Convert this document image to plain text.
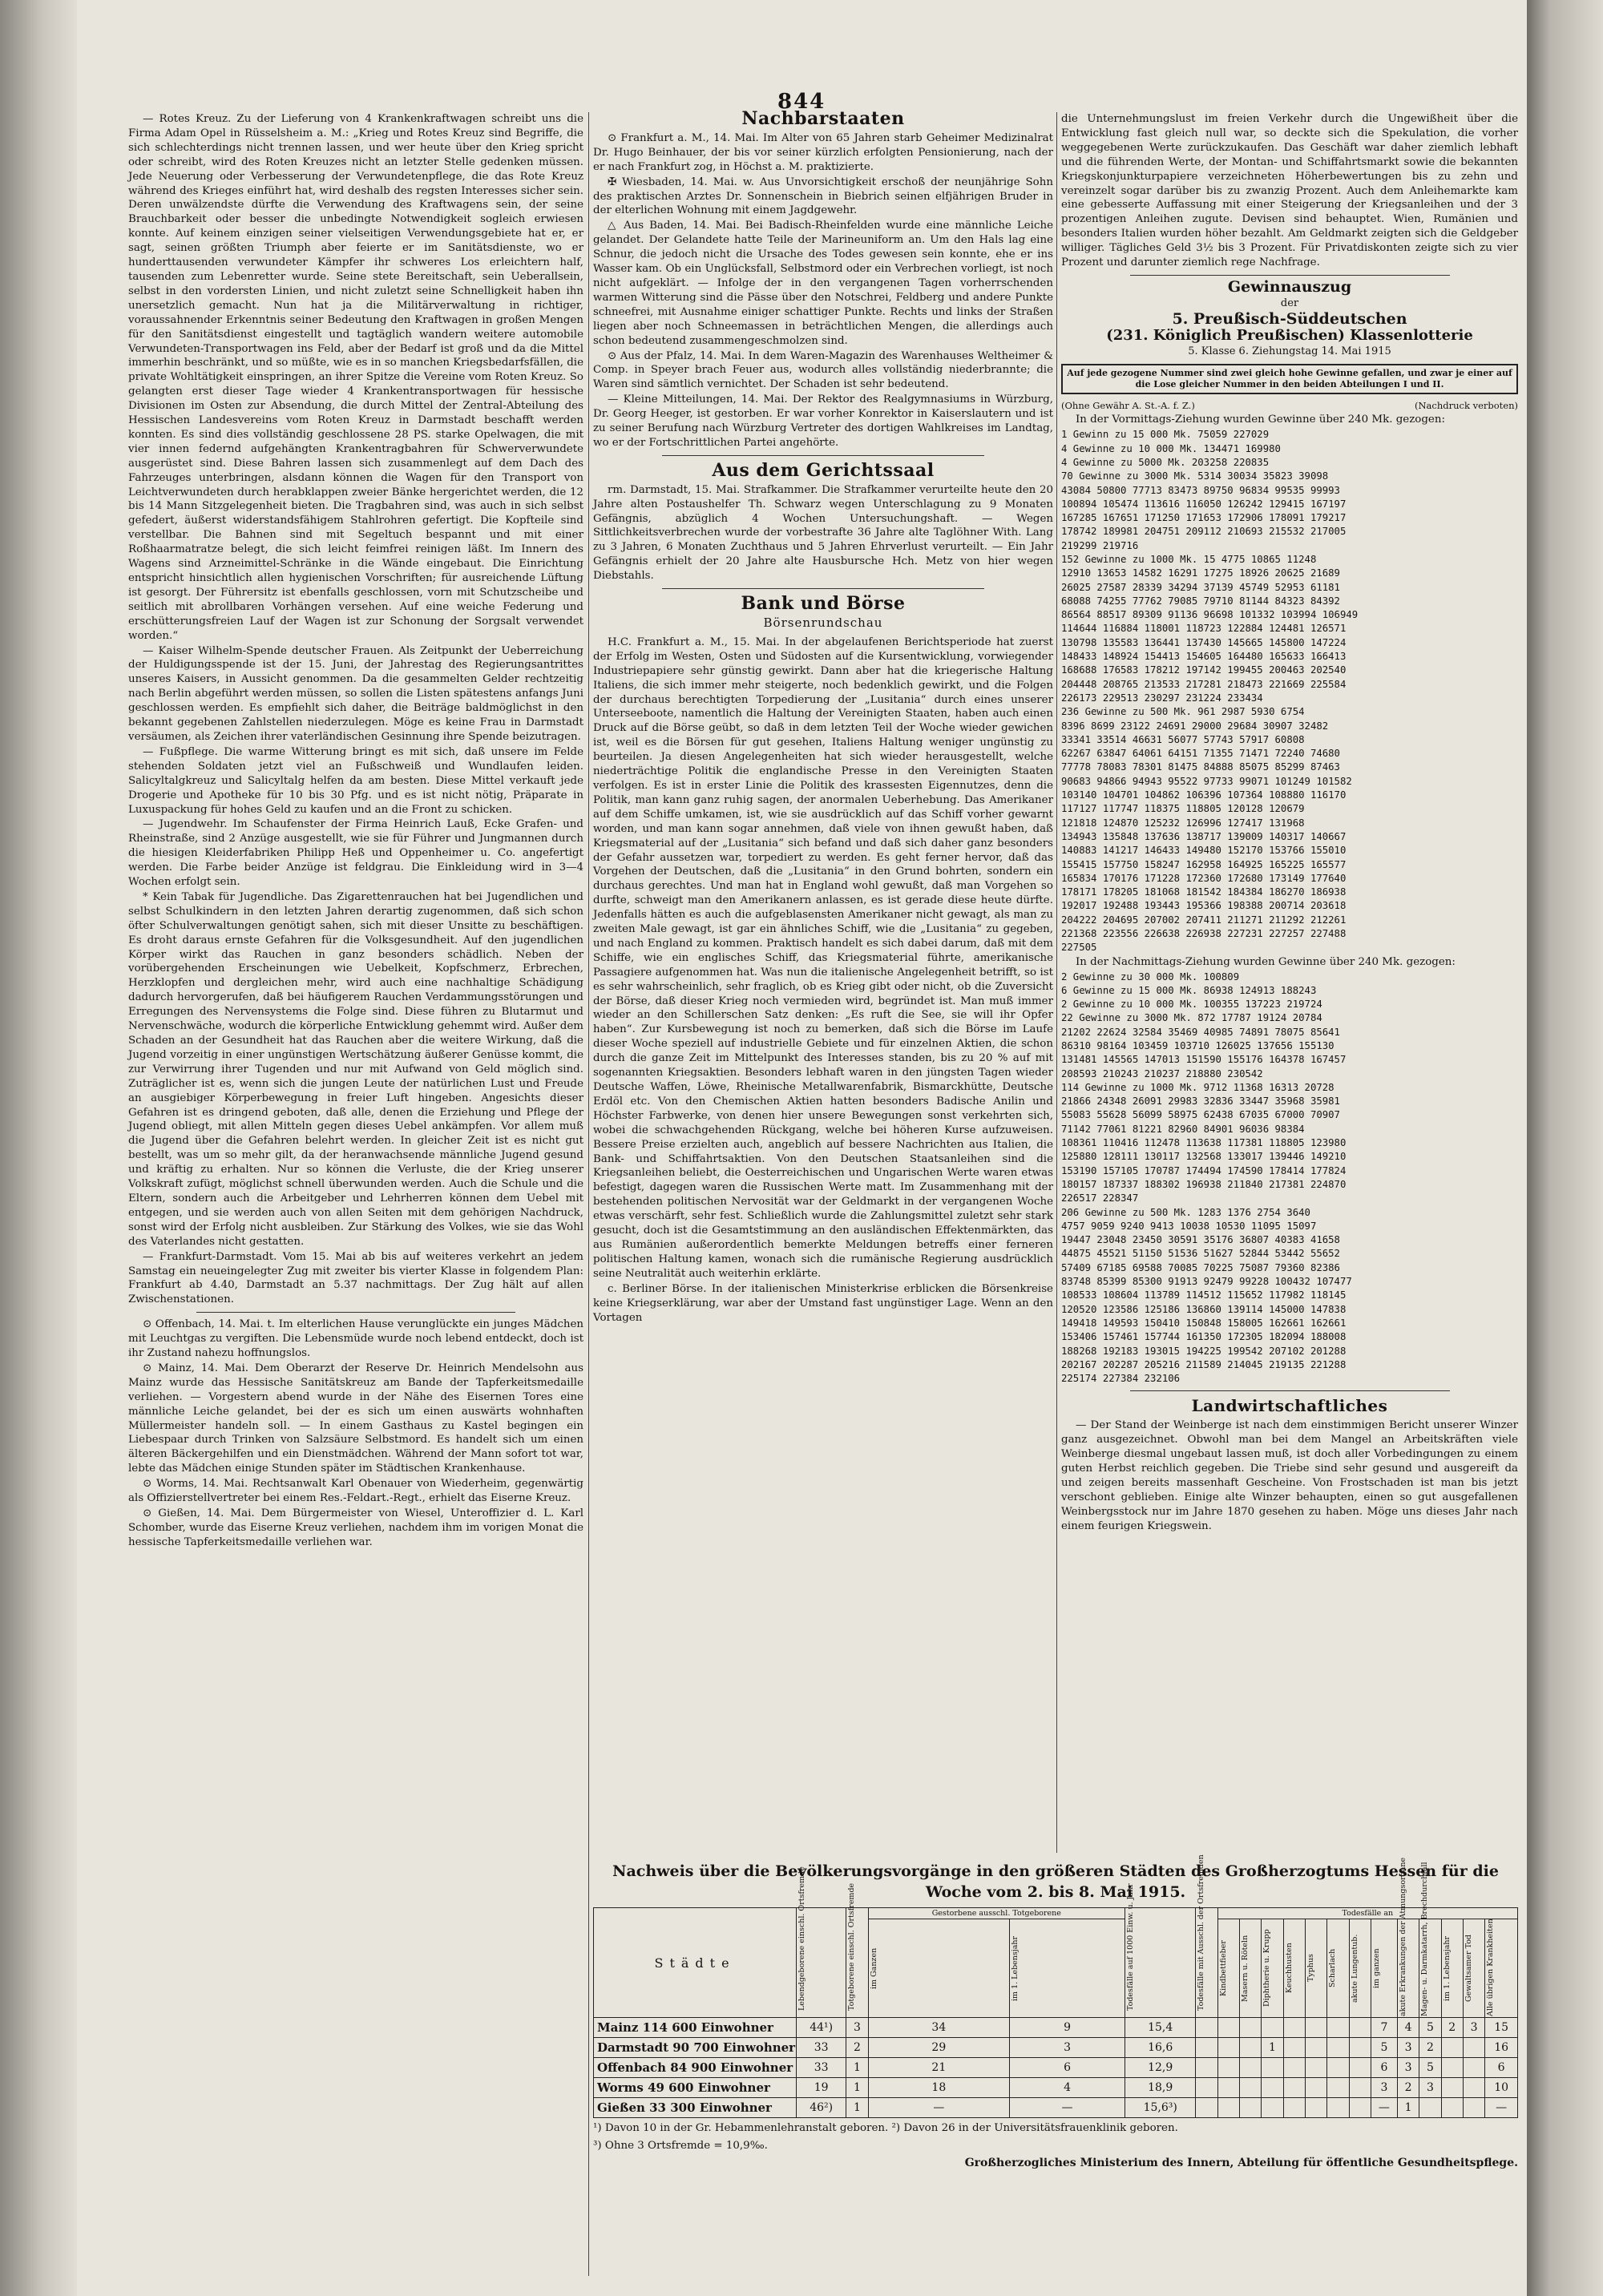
844

— Rotes Kreuz. Zu der Lieferung von 4 Krankenkraftwagen schreibt uns die Firma Adam Opel in Rüsselsheim a. M.: „Krieg und Rotes Kreuz sind Begriffe, die sich schlechterdings nicht trennen lassen, und wer heute über den Krieg spricht oder schreibt, wird des Roten Kreuzes nicht an letzter Stelle gedenken müssen. Jede Neuerung oder Verbesserung der Verwundetenpflege, die das Rote Kreuz während des Krieges einführt hat, wird deshalb des regsten Interesses sicher sein. Deren unwälzendste dürfte die Verwendung des Kraftwagens sein, der seine Brauchbarkeit oder besser die unbedingte Notwendigkeit sogleich erwiesen konnte. Auf keinem einzigen seiner vielseitigen Verwendungsgebiete hat er, er sagt, seinen größten Triumph aber feierte er im Sanitätsdienste, wo er hunderttausenden verwundeter Kämpfer ihr schweres Los erleichtern half, tausenden zum Lebenretter wurde. Seine stete Bereitschaft, sein Ueberallsein, selbst in den vordersten Linien, und nicht zuletzt seine Schnelligkeit haben ihn unersetzlich gemacht. Nun hat ja die Militärverwaltung in richtiger, voraussahnender Erkenntnis seiner Bedeutung den Kraftwagen in großen Mengen für den Sanitätsdienst eingestellt und tagtäglich wandern weitere automobile Verwundeten-Transportwagen ins Feld, aber der Bedarf ist groß und da die Mittel immerhin beschränkt, und so müßte, wie es in so manchen Kriegsbedarfsfällen, die private Wohltätigkeit einspringen, an ihrer Spitze die Vereine vom Roten Kreuz. So gelangten erst dieser Tage wieder 4 Krankentransportwagen für hessische Divisionen im Osten zur Absendung, die durch Mittel der Zentral-Abteilung des Hessischen Landesvereins vom Roten Kreuz in Darmstadt beschafft werden konnten. Es sind dies vollständig geschlossene 28 PS. starke Opelwagen, die mit vier innen federnd aufgehängten Krankentragbahren für Schwerverwundete ausgerüstet sind. Diese Bahren lassen sich zusammenlegt auf dem Dach des Fahrzeuges unterbringen, alsdann können die Wagen für den Transport von Leichtverwundeten durch herabklappen zweier Bänke hergerichtet werden, die 12 bis 14 Mann Sitzgelegenheit bieten. Die Tragbahren sind, was auch in sich selbst gefedert, äußerst widerstandsfähigem Stahlrohren gefertigt. Die Kopfteile sind verstellbar. Die Bahnen sind mit Segeltuch bespannt und mit einer Roßhaarmatratze belegt, die sich leicht feimfrei reinigen läßt. Im Innern des Wagens sind Arzneimittel-Schränke in die Wände eingebaut. Die Einrichtung entspricht hinsichtlich allen hygienischen Vorschriften; für ausreichende Lüftung ist gesorgt. Der Führersitz ist ebenfalls geschlossen, vorn mit Schutzscheibe und seitlich mit abrollbaren Vorhängen versehen. Auf eine weiche Federung und erschütterungsfreien Lauf der Wagen ist zur Schonung der Sorgsalt verwendet worden.“

— Kaiser Wilhelm-Spende deutscher Frauen. Als Zeitpunkt der Ueberreichung der Huldigungsspende ist der 15. Juni, der Jahrestag des Regierungsantrittes unseres Kaisers, in Aussicht genommen. Da die gesammelten Gelder rechtzeitig nach Berlin abgeführt werden müssen, so sollen die Listen spätestens anfangs Juni geschlossen werden. Es empfiehlt sich daher, die Beiträge baldmöglichst in den bekannt gegebenen Zahlstellen niederzulegen. Möge es keine Frau in Darmstadt versäumen, als Zeichen ihrer vaterländischen Gesinnung ihre Spende beizutragen.

— Fußpflege. Die warme Witterung bringt es mit sich, daß unsere im Felde stehenden Soldaten jetzt viel an Fußschweiß und Wundlaufen leiden. Salicyltalgkreuz und Salicyltalg helfen da am besten. Diese Mittel verkauft jede Drogerie und Apotheke für 10 bis 30 Pfg. und es ist nicht nötig, Präparate in Luxuspackung für hohes Geld zu kaufen und an die Front zu schicken.

— Jugendwehr. Im Schaufenster der Firma Heinrich Lauß, Ecke Grafen- und Rheinstraße, sind 2 Anzüge ausgestellt, wie sie für Führer und Jungmannen durch die hiesigen Kleiderfabriken Philipp Heß und Oppenheimer u. Co. angefertigt werden. Die Farbe beider Anzüge ist feldgrau. Die Einkleidung wird in 3—4 Wochen erfolgt sein.

* Kein Tabak für Jugendliche. Das Zigarettenrauchen hat bei Jugendlichen und selbst Schulkindern in den letzten Jahren derartig zugenommen, daß sich schon öfter Schulverwaltungen genötigt sahen, sich mit dieser Unsitte zu beschäftigen. Es droht daraus ernste Gefahren für die Volksgesundheit. Auf den jugendlichen Körper wirkt das Rauchen in ganz besonders schädlich. Neben der vorübergehenden Erscheinungen wie Uebelkeit, Kopfschmerz, Erbrechen, Herzklopfen und dergleichen mehr, wird auch eine nachhaltige Schädigung dadurch hervorgerufen, daß bei häufigerem Rauchen Verdammungsstörungen und Erregungen des Nervensystems die Folge sind. Diese führen zu Blutarmut und Nervenschwäche, wodurch die körperliche Entwicklung gehemmt wird. Außer dem Schaden an der Gesundheit hat das Rauchen aber die weitere Wirkung, daß die Jugend vorzeitig in einer ungünstigen Wertschätzung äußerer Genüsse kommt, die zur Verwirrung ihrer Tugenden und nur mit Aufwand von Geld möglich sind. Zuträglicher ist es, wenn sich die jungen Leute der natürlichen Lust und Freude an ausgiebiger Körperbewegung in freier Luft hingeben. Angesichts dieser Gefahren ist es dringend geboten, daß alle, denen die Erziehung und Pflege der Jugend obliegt, mit allen Mitteln gegen dieses Uebel ankämpfen. Vor allem muß die Jugend über die Gefahren belehrt werden. In gleicher Zeit ist es nicht gut bestellt, was um so mehr gilt, da der heranwachsende männliche Jugend gesund und kräftig zu erhalten. Nur so können die Verluste, die der Krieg unserer Volkskraft zufügt, möglichst schnell überwunden werden. Auch die Schule und die Eltern, sondern auch die Arbeitgeber und Lehrherren können dem Uebel mit entgegen, und sie werden auch von allen Seiten mit dem gehörigen Nachdruck, sonst wird der Erfolg nicht ausbleiben. Zur Stärkung des Volkes, wie sie das Wohl des Vaterlandes nicht gestatten.

— Frankfurt-Darmstadt. Vom 15. Mai ab bis auf weiteres verkehrt an jedem Samstag ein neueingelegter Zug mit zweiter bis vierter Klasse in folgendem Plan: Frankfurt ab 4.40, Darmstadt an 5.37 nachmittags. Der Zug hält auf allen Zwischenstationen.

⊙ Offenbach, 14. Mai. t. Im elterlichen Hause verunglückte ein junges Mädchen mit Leuchtgas zu vergiften. Die Lebensmüde wurde noch lebend entdeckt, doch ist ihr Zustand nahezu hoffnungslos.

⊙ Mainz, 14. Mai. Dem Oberarzt der Reserve Dr. Heinrich Mendelsohn aus Mainz wurde das Hessische Sanitätskreuz am Bande der Tapferkeitsmedaille verliehen. — Vorgestern abend wurde in der Nähe des Eisernen Tores eine männliche Leiche gelandet, bei der es sich um einen auswärts wohnhaften Müllermeister handeln soll. — In einem Gasthaus zu Kastel begingen ein Liebespaar durch Trinken von Salzsäure Selbstmord. Es handelt sich um einen älteren Bäckergehilfen und ein Dienstmädchen. Während der Mann sofort tot war, lebte das Mädchen einige Stunden später im Städtischen Krankenhause.

⊙ Worms, 14. Mai. Rechtsanwalt Karl Obenauer von Wiederheim, gegenwärtig als Offizierstellvertreter bei einem Res.-Feldart.-Regt., erhielt das Eiserne Kreuz.

⊙ Gießen, 14. Mai. Dem Bürgermeister von Wiesel, Unteroffizier d. L. Karl Schomber, wurde das Eiserne Kreuz verliehen, nachdem ihm im vorigen Monat die hessische Tapferkeitsmedaille verliehen war.

Nachbarstaaten

⊙ Frankfurt a. M., 14. Mai. Im Alter von 65 Jahren starb Geheimer Medizinalrat Dr. Hugo Beinhauer, der bis vor seiner kürzlich erfolgten Pensionierung, nach der er nach Frankfurt zog, in Höchst a. M. praktizierte.

✠ Wiesbaden, 14. Mai. w. Aus Unvorsichtigkeit erschoß der neunjährige Sohn des praktischen Arztes Dr. Sonnenschein in Biebrich seinen elfjährigen Bruder in der elterlichen Wohnung mit einem Jagdgewehr.

△ Aus Baden, 14. Mai. Bei Badisch-Rheinfelden wurde eine männliche Leiche gelandet. Der Gelandete hatte Teile der Marineuniform an. Um den Hals lag eine Schnur, die jedoch nicht die Ursache des Todes gewesen sein konnte, ehe er ins Wasser kam. Ob ein Unglücksfall, Selbstmord oder ein Verbrechen vorliegt, ist noch nicht aufgeklärt. — Infolge der in den vergangenen Tagen vorherrschenden warmen Witterung sind die Pässe über den Notschrei, Feldberg und andere Punkte schneefrei, mit Ausnahme einiger schattiger Punkte. Rechts und links der Straßen liegen aber noch Schneemassen in beträchtlichen Mengen, die allerdings auch schon bedeutend zusammengeschmolzen sind.

⊙ Aus der Pfalz, 14. Mai. In dem Waren-Magazin des Warenhauses Weltheimer & Comp. in Speyer brach Feuer aus, wodurch alles vollständig niederbrannte; die Waren sind sämtlich vernichtet. Der Schaden ist sehr bedeutend.

— Kleine Mitteilungen, 14. Mai. Der Rektor des Realgymnasiums in Würzburg, Dr. Georg Heeger, ist gestorben. Er war vorher Konrektor in Kaiserslautern und ist zu seiner Berufung nach Würzburg Vertreter des dortigen Wahlkreises im Landtag, wo er der Fortschrittlichen Partei angehörte.

Aus dem Gerichtssaal

rm. Darmstadt, 15. Mai. Strafkammer. Die Strafkammer verurteilte heute den 20 Jahre alten Postaushelfer Th. Schwarz wegen Unterschlagung zu 9 Monaten Gefängnis, abzüglich 4 Wochen Untersuchungshaft. — Wegen Sittlichkeitsverbrechen wurde der vorbestrafte 36 Jahre alte Taglöhner With. Lang zu 3 Jahren, 6 Monaten Zuchthaus und 5 Jahren Ehrverlust verurteilt. — Ein Jahr Gefängnis erhielt der 20 Jahre alte Hausbursche Hch. Metz von hier wegen Diebstahls.

Bank und Börse
Börsenrundschau

H.C. Frankfurt a. M., 15. Mai. In der abgelaufenen Berichtsperiode hat zuerst der Erfolg im Westen, Osten und Südosten auf die Kursentwicklung, vorwiegender Industriepapiere sehr günstig gewirkt. Dann aber hat die kriegerische Haltung Italiens, die sich immer mehr steigerte, noch bedenklich gewirkt, und die Folgen der durchaus berechtigten Torpedierung der „Lusitania“ durch eines unserer Unterseeboote, namentlich die Haltung der Vereinigten Staaten, haben auch einen Druck auf die Börse geübt, so daß in dem letzten Teil der Woche wieder gewichen ist, weil es die Börsen für gut gesehen, Italiens Haltung weniger ungünstig zu beurteilen. Ja diesen Angelegenheiten hat sich wieder herausgestellt, welche niederträchtige Politik die englandische Presse in den Vereinigten Staaten verfolgen. Es ist in erster Linie die Politik des krassesten Eigennutzes, denn die Politik, man kann ganz ruhig sagen, der anormalen Ueberhebung. Das Amerikaner auf dem Schiffe umkamen, ist, wie sie ausdrücklich auf das Schiff vorher gewarnt worden, und man kann sogar annehmen, daß viele von ihnen gewußt haben, daß Kriegsmaterial auf der „Lusitania“ sich befand und daß sich daher ganz besonders der Gefahr aussetzen war, torpediert zu werden. Es geht ferner hervor, daß das Vorgehen der Deutschen, daß die „Lusitania“ in den Grund bohrten, sondern ein durchaus gerechtes. Und man hat in England wohl gewußt, daß man Vorgehen so durfte, schweigt man den Amerikanern anlassen, es ist gerade diese heute dürfte. Jedenfalls hätten es auch die aufgeblasensten Amerikaner nicht gewagt, als man zu zweiten Male gewagt, ist gar ein ähnliches Schiff, wie die „Lusitania“ zu gegeben, und nach England zu kommen. Praktisch handelt es sich dabei darum, daß mit dem Schiffe, wie ein englisches Schiff, das Kriegsmaterial führte, amerikanische Passagiere aufgenommen hat. Was nun die italienische Angelegenheit betrifft, so ist es sehr wahrscheinlich, sehr fraglich, ob es Krieg gibt oder nicht, ob die Zuversicht der Börse, daß dieser Krieg noch vermieden wird, begründet ist. Man muß immer wieder an den Schillerschen Satz denken: „Es ruft die See, sie will ihr Opfer haben“. Zur Kursbewegung ist noch zu bemerken, daß sich die Börse im Laufe dieser Woche speziell auf industrielle Gebiete und für einzelnen Aktien, die schon durch die ganze Zeit im Mittelpunkt des Interesses standen, bis zu 20 % auf mit sogenannten Kriegsaktien. Besonders lebhaft waren in den jüngsten Tagen wieder Deutsche Waffen, Löwe, Rheinische Metallwarenfabrik, Bismarckhütte, Deutsche Erdöl etc. Von den Chemischen Aktien hatten besonders Badische Anilin und Höchster Farbwerke, von denen hier unsere Bewegungen sonst verkehrten sich, wobei die schwachgehenden Rückgang, welche bei höheren Kurse aufzuweisen. Bessere Preise erzielten auch, angeblich auf bessere Nachrichten aus Italien, die Bank- und Schiffahrtsaktien. Von den Deutschen Staatsanleihen sind die Kriegsanleihen beliebt, die Oesterreichischen und Ungarischen Werte waren etwas befestigt, dagegen waren die Russischen Werte matt. Im Zusammenhang mit der bestehenden politischen Nervosität war der Geldmarkt in der vergangenen Woche etwas verschärft, sehr fest. Schließlich wurde die Zahlungsmittel zuletzt sehr stark gesucht, doch ist die Gesamtstimmung an den ausländischen Effektenmärkten, das aus Rumänien außerordentlich bemerkte Meldungen betreffs einer ferneren politischen Haltung kamen, wonach sich die rumänische Regierung ausdrücklich seine Neutralität auch weiterhin erklärte.

c. Berliner Börse. In der italienischen Ministerkrise erblicken die Börsenkreise keine Kriegserklärung, war aber der Umstand fast ungünstiger Lage. Wenn an den Vortagen

die Unternehmungslust im freien Verkehr durch die Ungewißheit über die Entwicklung fast gleich null war, so deckte sich die Spekulation, die vorher weggegebenen Werte zurückzukaufen. Das Geschäft war daher ziemlich lebhaft und die führenden Werte, der Montan- und Schiffahrtsmarkt sowie die bekannten Kriegskonjunkturpapiere verzeichneten Höherbewertungen bis zu zehn und vereinzelt sogar darüber bis zu zwanzig Prozent. Auch dem Anleihemarkte kam eine gebesserte Auffassung mit einer Steigerung der Kriegsanleihen und der 3 prozentigen Anleihen zugute. Devisen sind behauptet. Wien, Rumänien und besonders Italien wurden höher bezahlt. Am Geldmarkt zeigten sich die Geldgeber williger. Tägliches Geld 3½ bis 3 Prozent. Für Privatdiskonten zeigte sich zu vier Prozent und darunter ziemlich rege Nachfrage.

Gewinnauszug
der
5. Preußisch-Süddeutschen
(231. Königlich Preußischen) Klassenlotterie
5. Klasse 6. Ziehungstag 14. Mai 1915
Auf jede gezogene Nummer sind zwei gleich hohe Gewinne gefallen, und zwar je einer auf die Lose gleicher Nummer in den beiden Abteilungen I und II.
(Ohne Gewähr A. St.-A. f. Z.)	(Nachdruck verboten)

In der Vormittags-Ziehung wurden Gewinne über 240 Mk. gezogen:

1 Gewinn zu 15 000 Mk. 75059 227029
4 Gewinne zu 10 000 Mk. 134471 169980
4 Gewinne zu 5000 Mk. 203258 220835
70 Gewinne zu 3000 Mk. 5314 30034 35823 39098
43084 50800 77713 83473 89750 96834 99535 99993
100894 105474 113616 116050 126242 129415 167197
167285 167651 171250 171653 172906 178091 179217
178742 189981 204751 209112 210693 215532 217005
219299 219716
152 Gewinne zu 1000 Mk. 15 4775 10865 11248
12910 13653 14582 16291 17275 18926 20625 21689
26025 27587 28339 34294 37139 45749 52953 61181
68088 74255 77762 79085 79710 81144 84323 84392
86564 88517 89309 91136 96698 101332 103994 106949
114644 116884 118001 118723 122884 124481 126571
130798 135583 136441 137430 145665 145800 147224
148433 148924 154413 154605 164480 165633 166413
168688 176583 178212 197142 199455 200463 202540
204448 208765 213533 217281 218473 221669 225584
226173 229513 230297 231224 233434
236 Gewinne zu 500 Mk. 961 2987 5930 6754
8396 8699 23122 24691 29000 29684 30907 32482
33341 33514 46631 56077 57743 57917 60808
62267 63847 64061 64151 71355 71471 72240 74680
77778 78083 78301 81475 84888 85075 85299 87463
90683 94866 94943 95522 97733 99071 101249 101582
103140 104701 104862 106396 107364 108880 116170
117127 117747 118375 118805 120128 120679
121818 124870 125232 126996 127417 131968
134943 135848 137636 138717 139009 140317 140667
140883 141217 146433 149480 152170 153766 155010
155415 157750 158247 162958 164925 165225 165577
165834 170176 171228 172360 172680 173149 177640
178171 178205 181068 181542 184384 186270 186938
192017 192488 193443 195366 198388 200714 203618
204222 204695 207002 207411 211271 211292 212261
221368 223556 226638 226938 227231 227257 227488
227505

In der Nachmittags-Ziehung wurden Gewinne über 240 Mk. gezogen:

2 Gewinne zu 30 000 Mk. 100809
6 Gewinne zu 15 000 Mk. 86938 124913 188243
2 Gewinne zu 10 000 Mk. 100355 137223 219724
22 Gewinne zu 3000 Mk. 872 17787 19124 20784
21202 22624 32584 35469 40985 74891 78075 85641
86310 98164 103459 103710 126025 137656 155130
131481 145565 147013 151590 155176 164378 167457
208593 210243 210237 218880 230542
114 Gewinne zu 1000 Mk. 9712 11368 16313 20728
21866 24348 26091 29983 32836 33447 35968 35981
55083 55628 56099 58975 62438 67035 67000 70907
71142 77061 81221 82960 84901 96036 98384
108361 110416 112478 113638 117381 118805 123980
125880 128111 130117 132568 133017 139446 149210
153190 157105 170787 174494 174590 178414 177824
180157 187337 188302 196938 211840 217381 224870
226517 228347
206 Gewinne zu 500 Mk. 1283 1376 2754 3640
4757 9059 9240 9413 10038 10530 11095 15097
19447 23048 23450 30591 35176 36807 40383 41658
44875 45521 51150 51536 51627 52844 53442 55652
57409 67185 69588 70085 70225 75087 79360 82386
83748 85399 85300 91913 92479 99228 100432 107477
108533 108604 113789 114512 115652 117982 118145
120520 123586 125186 136860 139114 145000 147838
149418 149593 150410 150848 158005 162661 162661
153406 157461 157744 161350 172305 182094 188008
188268 192183 193015 194225 199542 207102 201288
202167 202287 205216 211589 214045 219135 221288
225174 227384 232106
Landwirtschaftliches

— Der Stand der Weinberge ist nach dem einstimmigen Bericht unserer Winzer ganz ausgezeichnet. Obwohl man bei dem Mangel an Arbeitskräften viele Weinberge diesmal ungebaut lassen muß, ist doch aller Vorbedingungen zu einem guten Herbst reichlich gegeben. Die Triebe sind sehr gesund und ausgereift da und zeigen bereits massenhaft Gescheine. Von Frostschaden ist man bis jetzt verschont geblieben. Einige alte Winzer behaupten, einen so gut ausgefallenen Weinbergsstock nur im Jahre 1870 gesehen zu haben. Möge uns dieses Jahr nach einem feurigen Kriegswein.

Nachweis über die Bevölkerungsvorgänge in den größeren Städten des Großherzogtums Hessen für die Woche vom 2. bis 8. Mai 1915.
Städte	Lebendgeborene einschl. Ortsfremde	Totgeborene einschl. Ortsfremde	Gestorbene ausschl. Totgeborene		Todesfälle auf 1000 Einw. u. Jahr	Todesfälle mit Ausschl. der Ortsfremden	Todesfälle an												

			im Ganzen	im 1. Lebensjahr			Kindbettfieber	Masern u. Röteln	Diphtherie u. Krupp	Keuchhusten	Typhus	Scharlach	akute Lungentub.	im ganzen	akute Erkrankungen der Atmungsorgane	Magen- u. Darmkatarrh, Brechdurchfall	im 1. Lebensjahr	Gewaltsamer Tod	Alle übrigen Krankheiten

Mainz 114 600 Einwohner	44¹)	3	34	9	15,4									7	4	5	2	3	15
Darmstadt 90 700 Einwohner	33	2	29	3	16,6				1					5	3	2			16
Offenbach 84 900 Einwohner	33	1	21	6	12,9									6	3	5			6
Worms 49 600 Einwohner	19	1	18	4	18,9									3	2	3			10
Gießen 33 300 Einwohner	46²)	1	—	—	15,6³)									—	1				—
¹) Davon 10 in der Gr. Hebammenlehranstalt geboren. ²) Davon 26 in der Universitätsfrauenklinik geboren.
³) Ohne 3 Ortsfremde = 10,9‰.
Großherzogliches Ministerium des Innern, Abteilung für öffentliche Gesundheitspflege.
